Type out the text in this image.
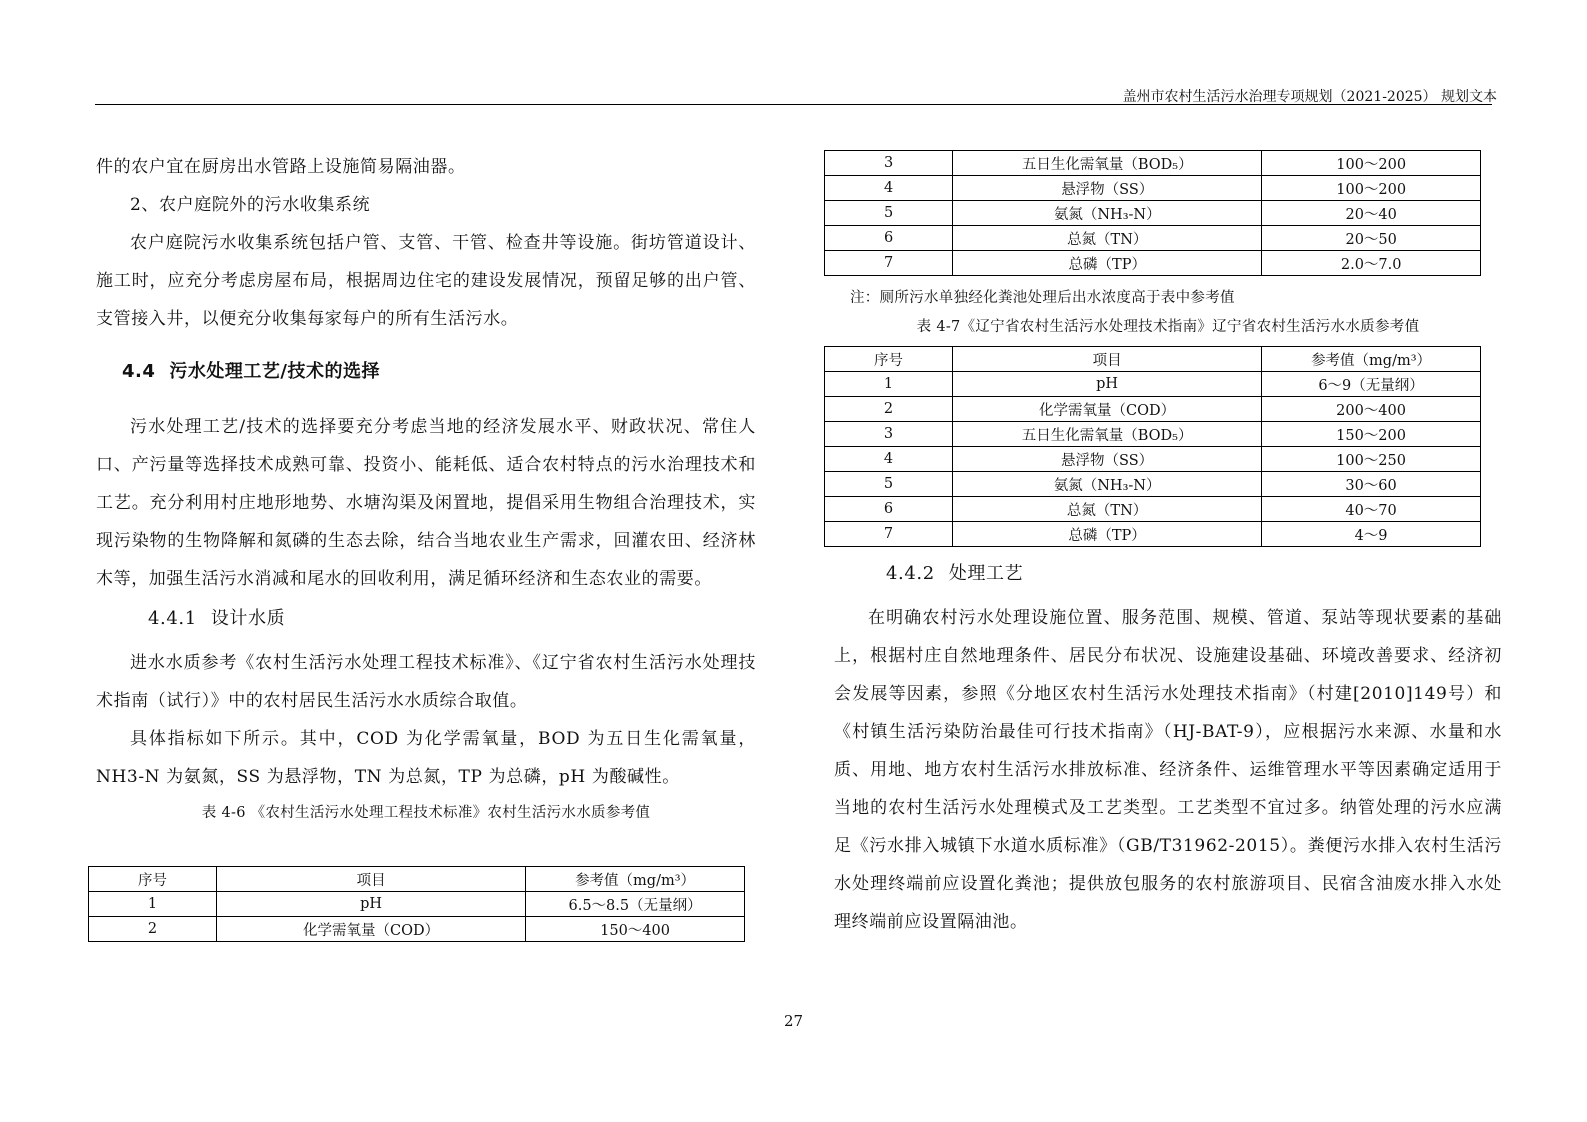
盖州市农村生活污水治理专项规划（2021-2025） 规划文本

件的农户宜在厨房出水管路上设施简易隔油器。

2、农户庭院外的污水收集系统

农户庭院污水收集系统包括户管、支管、干管、检查井等设施。街坊管道设计、施工时，应充分考虑房屋布局，根据周边住宅的建设发展情况，预留足够的出户管、支管接入井，以便充分收集每家每户的所有生活污水。

4.4 污水处理工艺/技术的选择

污水处理工艺/技术的选择要充分考虑当地的经济发展水平、财政状况、常住人口、产污量等选择技术成熟可靠、投资小、能耗低、适合农村特点的污水治理技术和工艺。充分利用村庄地形地势、水塘沟渠及闲置地，提倡采用生物组合治理技术，实现污染物的生物降解和氮磷的生态去除，结合当地农业生产需求，回灌农田、经济林木等，加强生活污水消减和尾水的回收利用，满足循环经济和生态农业的需要。

4.4.1 设计水质

进水水质参考《农村生活污水处理工程技术标准》、《辽宁省农村生活污水处理技术指南（试行）》中的农村居民生活污水水质综合取值。

具体指标如下所示。其中，COD 为化学需氧量，BOD 为五日生化需氧量，NH3-N 为氨氮，SS 为悬浮物，TN 为总氮，TP 为总磷，pH 为酸碱性。

表 4-6 《农村生活污水处理工程技术标准》农村生活污水水质参考值
序号	项目	参考值（mg/m³）
1	pH	6.5～8.5（无量纲）
2	化学需氧量（COD）	150～400
3	五日生化需氧量（BOD₅）	100～200
4	悬浮物（SS）	100～200
5	氨氮（NH₃-N）	20～40
6	总氮（TN）	20～50
7	总磷（TP）	2.0～7.0
注：厕所污水单独经化粪池处理后出水浓度高于表中参考值
表 4-7《辽宁省农村生活污水处理技术指南》辽宁省农村生活污水水质参考值
序号	项目	参考值（mg/m³）
1	pH	6～9（无量纲）
2	化学需氧量（COD）	200～400
3	五日生化需氧量（BOD₅）	150～200
4	悬浮物（SS）	100～250
5	氨氮（NH₃-N）	30～60
6	总氮（TN）	40～70
7	总磷（TP）	4～9
4.4.2 处理工艺

在明确农村污水处理设施位置、服务范围、规模、管道、泵站等现状要素的基础上，根据村庄自然地理条件、居民分布状况、设施建设基础、环境改善要求、经济初会发展等因素，参照《分地区农村生活污水处理技术指南》（村建[2010]149号）和《村镇生活污染防治最佳可行技术指南》（HJ-BAT-9），应根据污水来源、水量和水质、用地、地方农村生活污水排放标准、经济条件、运维管理水平等因素确定适用于当地的农村生活污水处理模式及工艺类型。工艺类型不宜过多。纳管处理的污水应满足《污水排入城镇下水道水质标准》（GB/T31962-2015）。粪便污水排入农村生活污水处理终端前应设置化粪池；提供放包服务的农村旅游项目、民宿含油废水排入水处理终端前应设置隔油池。

27
